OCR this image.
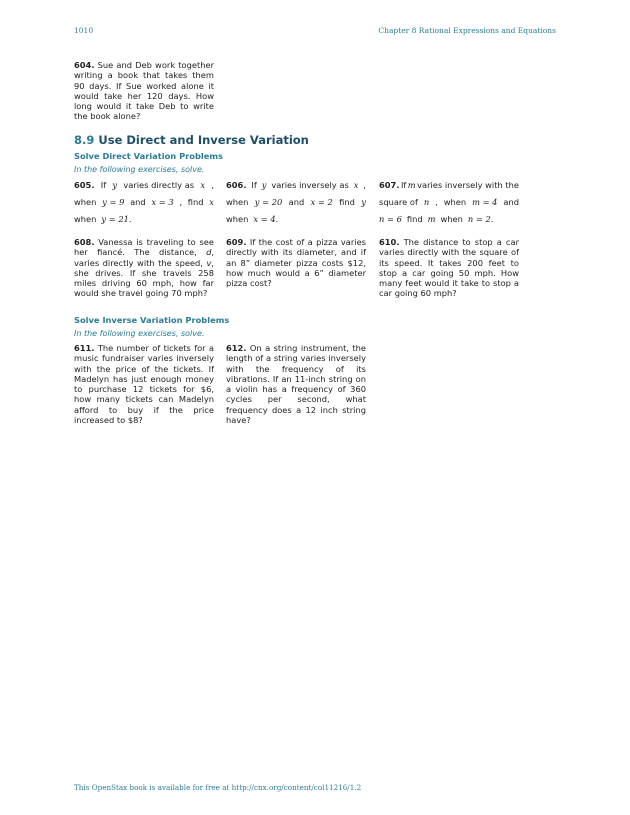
1010	Chapter 8 Rational Expressions and Equations
604. Sue and Deb work together writing a book that takes them 90 days. If Sue worked alone it would take her 120 days. How long would it take Deb to write the book alone?
8.9 Use Direct and Inverse Variation
Solve Direct Variation Problems
In the following exercises, solve.
605. If y varies directly as x ,
when y = 9 and x = 3 , find x
when y = 21.
606. If y varies inversely as x ,
when y = 20 and x = 2 find y
when x = 4.
607. If m varies inversely with the
square of n , when m = 4 and
n = 6 find m when n = 2.
608. Vanessa is traveling to see her fiancé. The distance, d, varies directly with the speed, v, she drives. If she travels 258 miles driving 60 mph, how far would she travel going 70 mph?
609. If the cost of a pizza varies directly with its diameter, and if an 8” diameter pizza costs $12, how much would a 6” diameter pizza cost?
610. The distance to stop a car varies directly with the square of its speed. It takes 200 feet to stop a car going 50 mph. How many feet would it take to stop a car going 60 mph?
Solve Inverse Variation Problems
In the following exercises, solve.
611. The number of tickets for a music fundraiser varies inversely with the price of the tickets. If Madelyn has just enough money to purchase 12 tickets for $6, how many tickets can Madelyn afford to buy if the price increased to $8?
612. On a string instrument, the length of a string varies inversely with the frequency of its vibrations. If an 11-inch string on a violin has a frequency of 360 cycles per second, what frequency does a 12 inch string have?
This OpenStax book is available for free at http://cnx.org/content/col11216/1.2
